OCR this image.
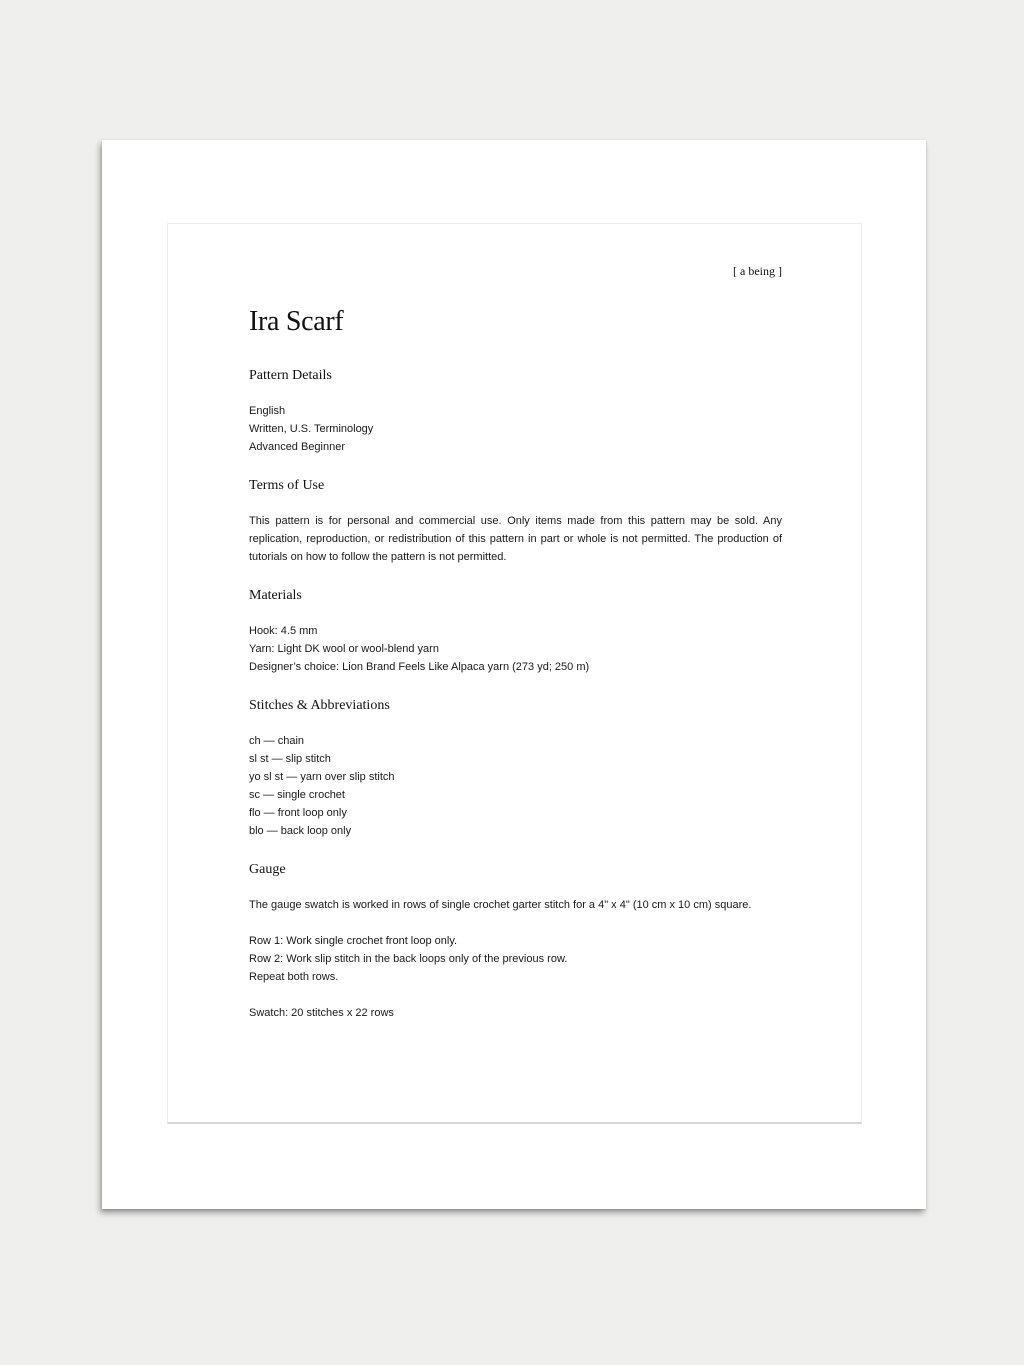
[ a being ]
Ira Scarf
Pattern Details
English
Written, U.S. Terminology
Advanced Beginner
Terms of Use
This pattern is for personal and commercial use. Only items made from this pattern may be sold. Any replication, reproduction, or redistribution of this pattern in part or whole is not permitted. The production of tutorials on how to follow the pattern is not permitted.
Materials
Hook: 4.5 mm
Yarn: Light DK wool or wool-blend yarn
Designer’s choice: Lion Brand Feels Like Alpaca yarn (273 yd; 250 m)
Stitches & Abbreviations
ch — chain
sl st — slip stitch
yo sl st — yarn over slip stitch
sc — single crochet
flo — front loop only
blo — back loop only
Gauge
The gauge swatch is worked in rows of single crochet garter stitch for a 4" x 4" (10 cm x 10 cm) square.
Row 1: Work single crochet front loop only.
Row 2: Work slip stitch in the back loops only of the previous row.
Repeat both rows.
Swatch: 20 stitches x 22 rows
